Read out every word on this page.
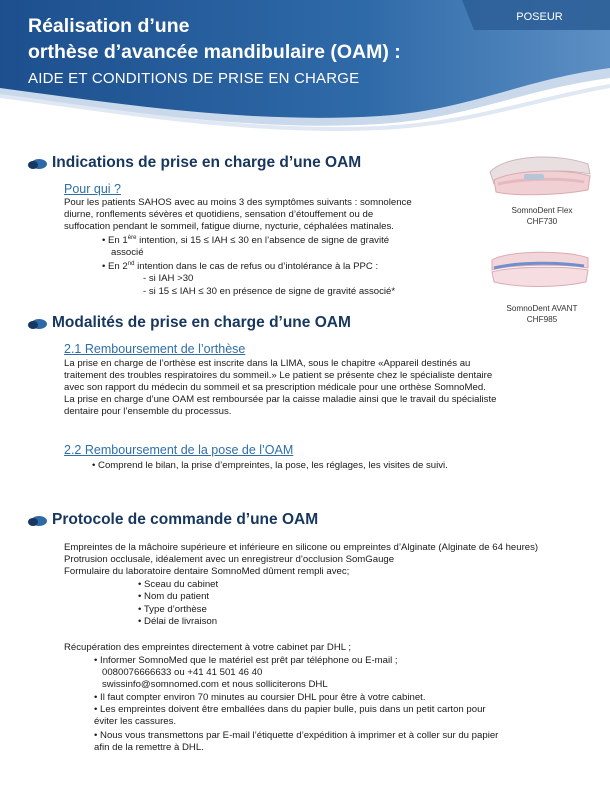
Réalisation d’une
orthèse d’avancée mandibulaire (OAM) :
AIDE ET CONDITIONS DE PRISE EN CHARGE
POSEUR
Indications de prise en charge d’une OAM
Pour qui ?
Pour les patients SAHOS avec au moins 3 des symptômes suivants : somnolence
diurne, ronflements sévères et quotidiens, sensation d’étouffement ou de
suffocation pendant le sommeil, fatigue diurne, nycturie, céphalées matinales.
• En 1ère intention, si 15 ≤ IAH ≤ 30 en l’absence de signe de gravité
associé
• En 2nd intention dans le cas de refus ou d’intolérance à la PPC :
- si IAH >30
- si 15 ≤ IAH ≤ 30 en présence de signe de gravité associé*
SomnoDent Flex
CHF730
SomnoDent AVANT
CHF985
Modalités de prise en charge d’une OAM
2.1 Remboursement de l’orthèse
La prise en charge de l’orthèse est inscrite dans la LIMA, sous le chapitre «Appareil destinés au
traitement des troubles respiratoires du sommeil.» Le patient se présente chez le spécialiste dentaire
avec son rapport du médecin du sommeil et sa prescription médicale pour une orthèse SomnoMed.
La prise en charge d’une OAM est remboursée par la caisse maladie ainsi que le travail du spécialiste
dentaire pour l’ensemble du processus.
2.2 Remboursement de la pose de l’OAM
• Comprend le bilan, la prise d’empreintes, la pose, les réglages, les visites de suivi.
Protocole de commande d’une OAM
Empreintes de la mâchoire supérieure et inférieure en silicone ou empreintes d’Alginate (Alginate de 64 heures)
Protrusion occlusale, idéalement avec un enregistreur d’occlusion SomGauge
Formulaire du laboratoire dentaire SomnoMed dûment rempli avec;
• Sceau du cabinet
• Nom du patient
• Type d’orthèse
• Délai de livraison
Récupération des empreintes directement à votre cabinet par DHL ;
• Informer SomnoMed que le matériel est prêt par téléphone ou E-mail ;
0080076666633 ou +41 41 501 46 40
swissinfo@somnomed.com et nous solliciterons DHL
• Il faut compter environ 70 minutes au coursier DHL pour être à votre cabinet.
• Les empreintes doivent être emballées dans du papier bulle, puis dans un petit carton pour
éviter les cassures.
• Nous vous transmettons par E-mail l’étiquette d’expédition à imprimer et à coller sur du papier
afin de la remettre à DHL.
